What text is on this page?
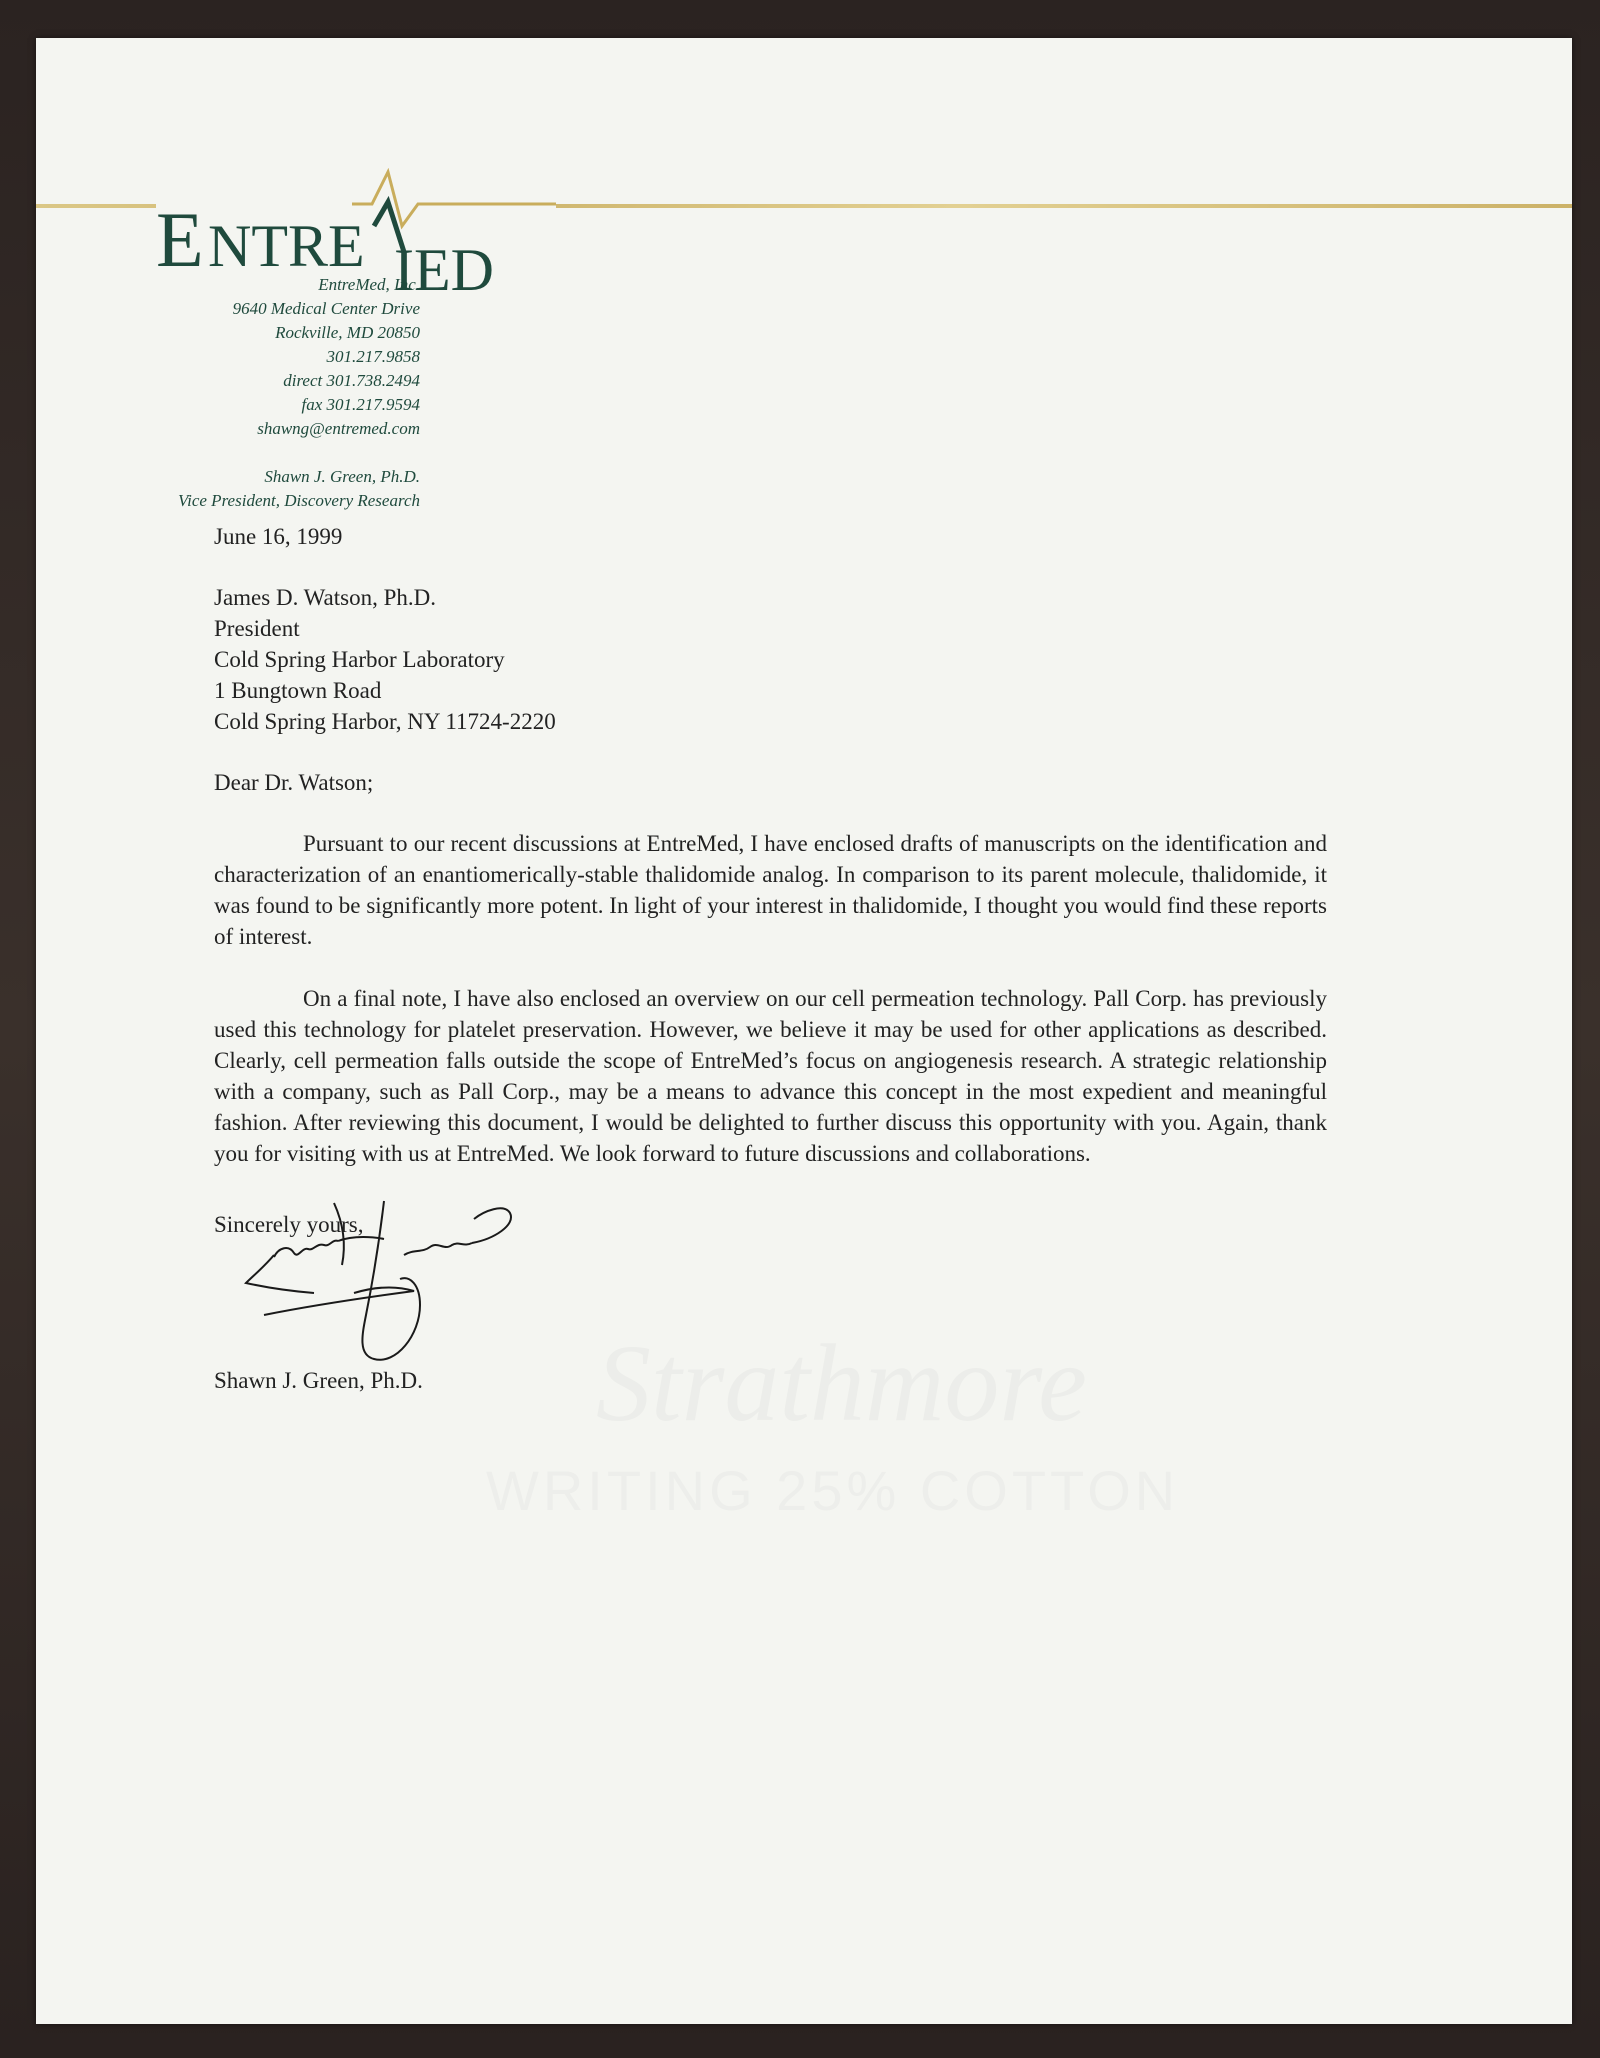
E NTRE IED
EntreMed, Inc.
9640 Medical Center Drive
Rockville, MD 20850
301.217.9858
direct 301.738.2494
fax 301.217.9594
shawng@entremed.com
Shawn J. Green, Ph.D.
Vice President, Discovery Research
Strathmore
WRITING 25% COTTON
June 16, 1999
James D. Watson, Ph.D.
President
Cold Spring Harbor Laboratory
1 Bungtown Road
Cold Spring Harbor, NY 11724-2220
Dear Dr. Watson;

Pursuant to our recent discussions at EntreMed, I have enclosed drafts of manuscripts on the identification and characterization of an enantiomerically-stable thalidomide analog. In comparison to its parent molecule, thalidomide, it was found to be significantly more potent. In light of your interest in thalidomide, I thought you would find these reports of interest.

On a final note, I have also enclosed an overview on our cell permeation technology. Pall Corp. has previously used this technology for platelet preservation. However, we believe it may be used for other applications as described. Clearly, cell permeation falls outside the scope of EntreMed’s focus on angiogenesis research. A strategic relationship with a company, such as Pall Corp., may be a means to advance this concept in the most expedient and meaningful fashion. After reviewing this document, I would be delighted to further discuss this opportunity with you. Again, thank you for visiting with us at EntreMed. We look forward to future discussions and collaborations.

Sincerely yours,
Shawn J. Green, Ph.D.
